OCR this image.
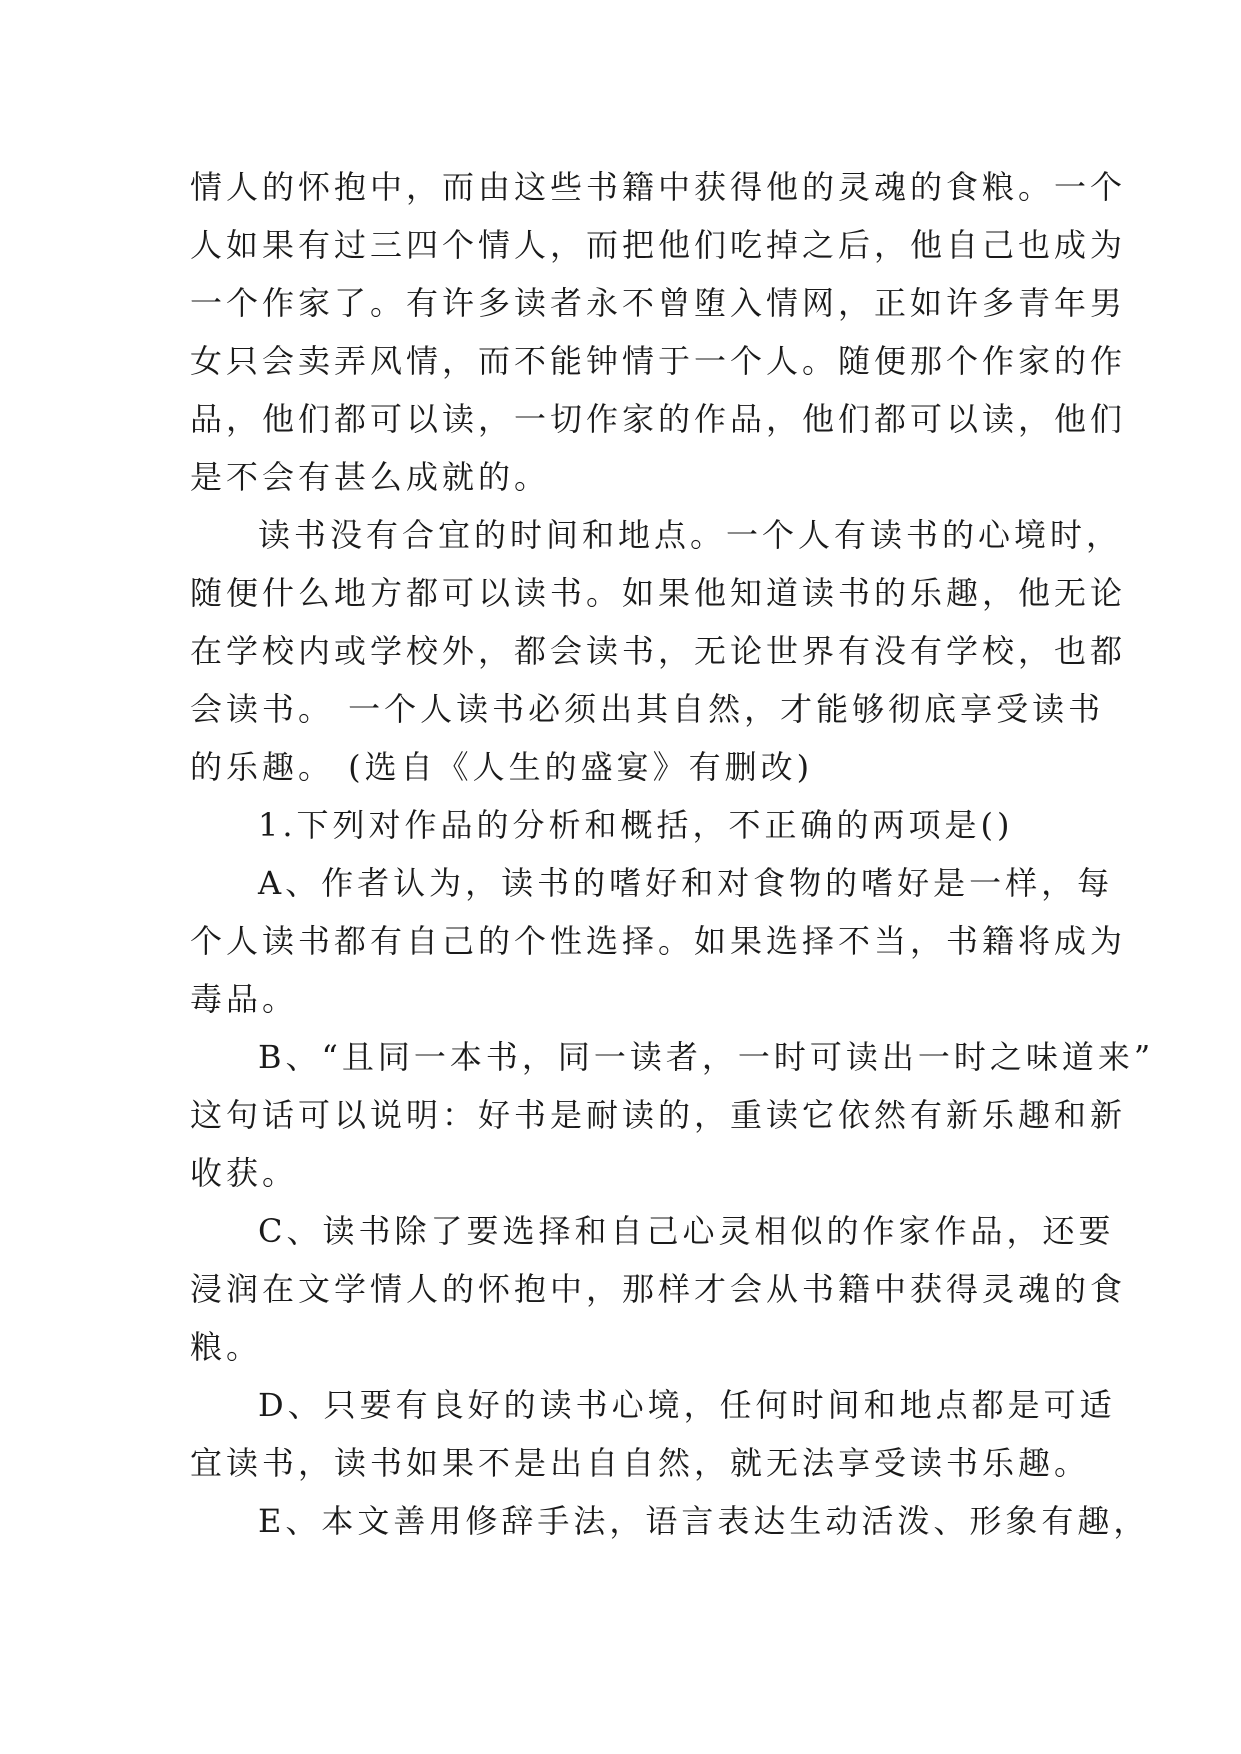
情人的怀抱中，而由这些书籍中获得他的灵魂的食粮。一个
人如果有过三四个情人，而把他们吃掉之后，他自己也成为
一个作家了。有许多读者永不曾堕入情网，正如许多青年男
女只会卖弄风情，而不能钟情于一个人。随便那个作家的作
品，他们都可以读，一切作家的作品，他们都可以读，他们
是不会有甚么成就的。
读书没有合宜的时间和地点。一个人有读书的心境时，
随便什么地方都可以读书。如果他知道读书的乐趣，他无论
在学校内或学校外，都会读书，无论世界有没有学校，也都
会读书。 一个人读书必须出其自然，才能够彻底享受读书
的乐趣。 (选自《人生的盛宴》有删改)
1.下列对作品的分析和概括，不正确的两项是()
A、作者认为，读书的嗜好和对食物的嗜好是一样，每
个人读书都有自己的个性选择。如果选择不当，书籍将成为
毒品。
B、“且同一本书，同一读者，一时可读出一时之味道来”
这句话可以说明：好书是耐读的，重读它依然有新乐趣和新
收获。
C、读书除了要选择和自己心灵相似的作家作品，还要
浸润在文学情人的怀抱中，那样才会从书籍中获得灵魂的食
粮。
D、只要有良好的读书心境，任何时间和地点都是可适
宜读书，读书如果不是出自自然，就无法享受读书乐趣。
E、本文善用修辞手法，语言表达生动活泼、形象有趣，
